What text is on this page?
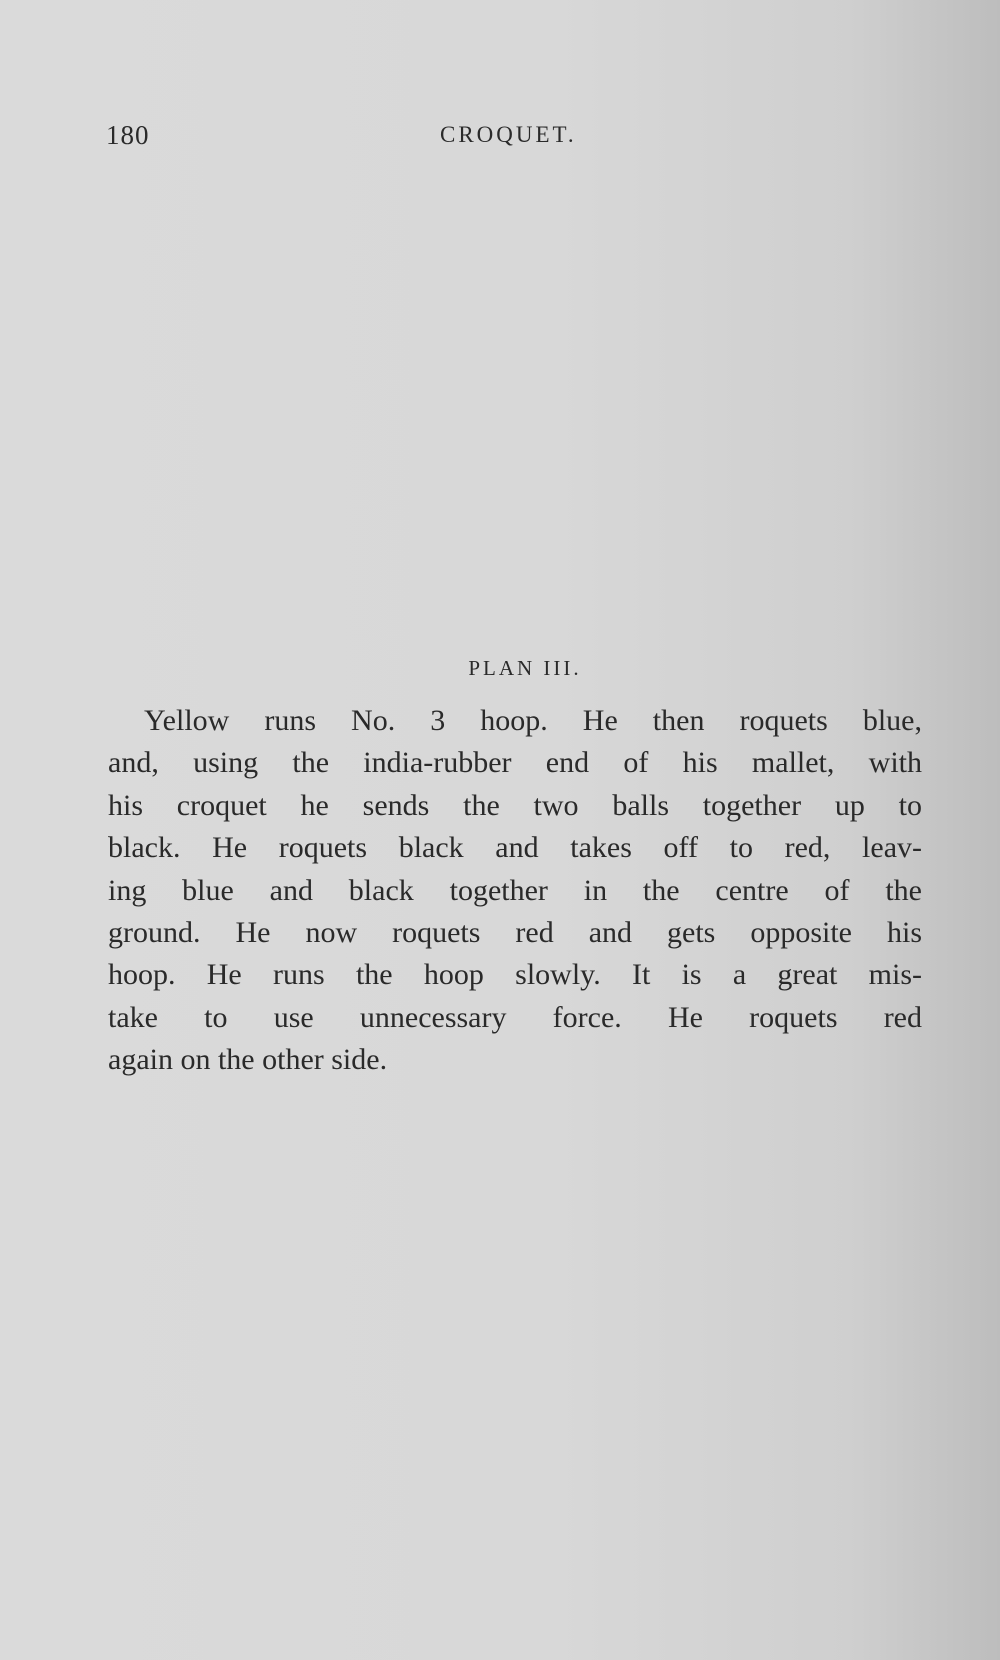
180	CROQUET.
PLAN III.

Yellow runs No. 3 hoop. He then roquets blue,
and, using the india-rubber end of his mallet, with
his croquet he sends the two balls together up to
black. He roquets black and takes off to red, leav-
ing blue and black together in the centre of the
ground. He now roquets red and gets opposite his
hoop. He runs the hoop slowly. It is a great mis-
take to use unnecessary force. He roquets red
again on the other side.
